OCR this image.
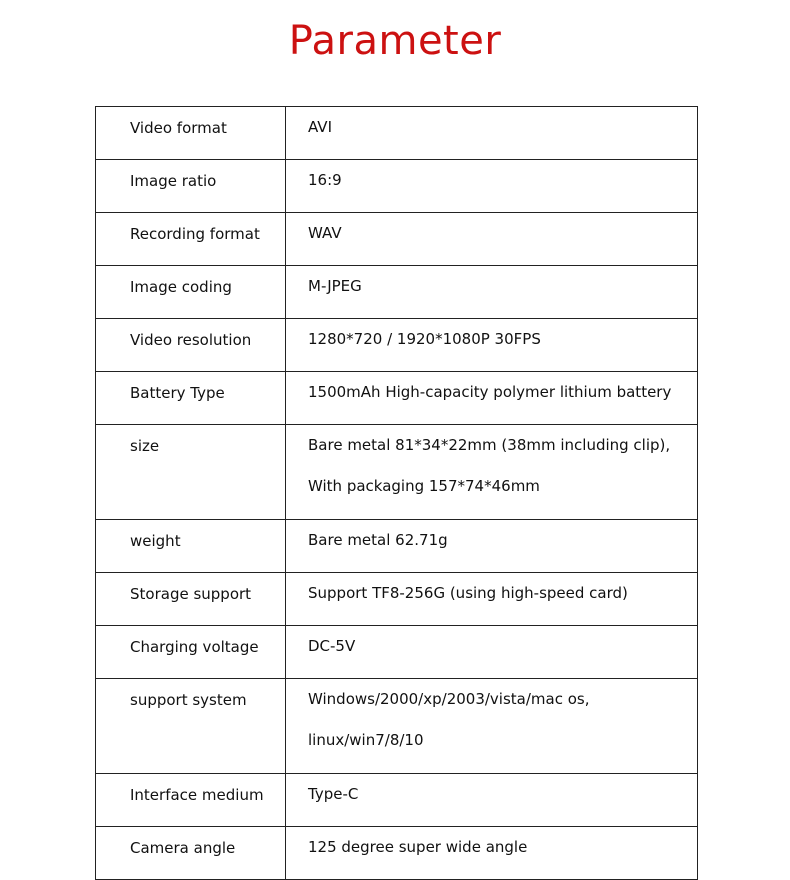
Parameter
Video format	AVI

Image ratio	16:9

Recording format	WAV

Image coding	M-JPEG

Video resolution	1280*720 / 1920*1080P 30FPS

Battery Type	1500mAh High-capacity polymer lithium battery

size	Bare metal 81*34*22mm (38mm including clip),
With packaging 157*74*46mm

weight	Bare metal 62.71g

Storage support	Support TF8-256G (using high-speed card)

Charging voltage	DC-5V

support system	Windows/2000/xp/2003/vista/mac os,
linux/win7/8/10

Interface medium	Type-C

Camera angle	125 degree super wide angle
